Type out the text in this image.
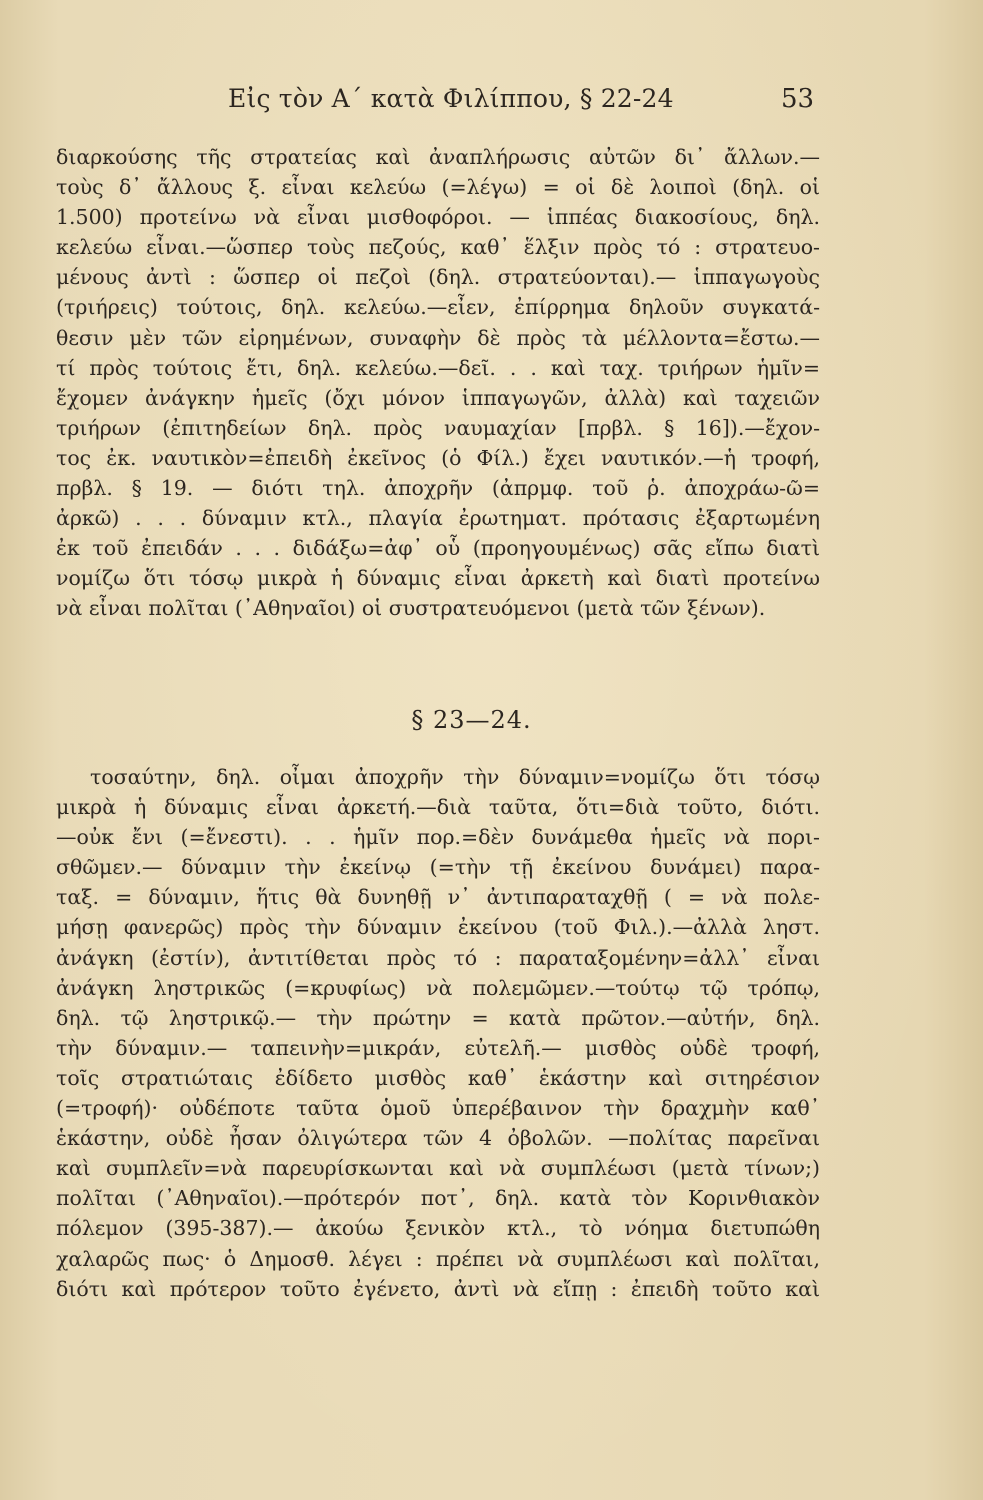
Εἰς τὸν Α΄ κατὰ Φιλίππου, § 22-24	53
διαρκούσης τῆς στρατείας καὶ ἀναπλήρωσις αὐτῶν δι᾽ ἄλλων.—
τοὺς δ᾽ ἄλλους ξ. εἶναι κελεύω (=λέγω) = οἱ δὲ λοιποὶ (δηλ. οἱ
1.500) προτείνω νὰ εἶναι μισθοφόροι. — ἱππέας διακοσίους, δηλ.
κελεύω εἶναι.—ὥσπερ τοὺς πεζούς, καθ᾽ ἕλξιν πρὸς τό : στρατευο-
μένους ἀντὶ : ὥσπερ οἱ πεζοὶ (δηλ. στρατεύονται).— ἱππαγωγοὺς
(τριήρεις) τούτοις, δηλ. κελεύω.—εἶεν, ἐπίρρημα δηλοῦν συγκατά-
θεσιν μὲν τῶν εἰρημένων, συναφὴν δὲ πρὸς τὰ μέλλοντα=ἔστω.—
τί πρὸς τούτοις ἔτι, δηλ. κελεύω.—δεῖ. . . καὶ ταχ. τριήρων ἡμῖν=
ἔχομεν ἀνάγκην ἡμεῖς (ὄχι μόνον ἱππαγωγῶν, ἀλλὰ) καὶ ταχειῶν
τριήρων (ἐπιτηδείων δηλ. πρὸς ναυμαχίαν [πρβλ. § 16]).—ἔχον-
τος ἐκ. ναυτικὸν=ἐπειδὴ ἐκεῖνος (ὁ Φίλ.) ἔχει ναυτικόν.—ἡ τροφή,
πρβλ. § 19. — διότι τηλ. ἀποχρῆν (ἀπρμφ. τοῦ ῥ. ἀποχράω-ῶ=
ἀρκῶ) . . . δύναμιν κτλ., πλαγία ἐρωτηματ. πρότασις ἐξαρτωμένη
ἐκ τοῦ ἐπειδάν . . . διδάξω=ἀφ᾽ οὗ (προηγουμένως) σᾶς εἴπω διατὶ
νομίζω ὅτι τόσῳ μικρὰ ἡ δύναμις εἶναι ἀρκετὴ καὶ διατὶ προτείνω
νὰ εἶναι πολῖται (᾽Αθηναῖοι) οἱ συστρατευόμενοι (μετὰ τῶν ξένων).
§ 23—24.
τοσαύτην, δηλ. οἶμαι ἀποχρῆν τὴν δύναμιν=νομίζω ὅτι τόσῳ
μικρὰ ἡ δύναμις εἶναι ἀρκετή.—διὰ ταῦτα, ὅτι=διὰ τοῦτο, διότι.
—οὐκ ἔνι (=ἔνεστι). . . ἡμῖν πορ.=δὲν δυνάμεθα ἡμεῖς νὰ πορι-
σθῶμεν.— δύναμιν τὴν ἐκείνῳ (=τὴν τῇ ἐκείνου δυνάμει) παρα-
ταξ. = δύναμιν, ἥτις θὰ δυνηθῇ ν᾽ ἀντιπαραταχθῇ ( = νὰ πολε-
μήσῃ φανερῶς) πρὸς τὴν δύναμιν ἐκείνου (τοῦ Φιλ.).—ἀλλὰ ληστ.
ἀνάγκη (ἐστίν), ἀντιτίθεται πρὸς τό : παραταξομένην=ἀλλ᾽ εἶναι
ἀνάγκη ληστρικῶς (=κρυφίως) νὰ πολεμῶμεν.—τούτῳ τῷ τρόπῳ,
δηλ. τῷ ληστρικῷ.— τὴν πρώτην = κατὰ πρῶτον.—αὐτήν, δηλ.
τὴν δύναμιν.— ταπεινὴν=μικράν, εὐτελῆ.— μισθὸς οὐδὲ τροφή,
τοῖς στρατιώταις ἐδίδετο μισθὸς καθ᾽ ἑκάστην καὶ σιτηρέσιον
(=τροφή)· οὐδέποτε ταῦτα ὁμοῦ ὑπερέβαινον τὴν δραχμὴν καθ᾽
ἑκάστην, οὐδὲ ἦσαν ὀλιγώτερα τῶν 4 ὀβολῶν. —πολίτας παρεῖναι
καὶ συμπλεῖν=νὰ παρευρίσκωνται καὶ νὰ συμπλέωσι (μετὰ τίνων;)
πολῖται (᾽Αθηναῖοι).—πρότερόν ποτ᾽, δηλ. κατὰ τὸν Κορινθιακὸν
πόλεμον (395-387).— ἀκούω ξενικὸν κτλ., τὸ νόημα διετυπώθη
χαλαρῶς πως· ὁ Δημοσθ. λέγει : πρέπει νὰ συμπλέωσι καὶ πολῖται,
διότι καὶ πρότερον τοῦτο ἐγένετο, ἀντὶ νὰ εἴπῃ : ἐπειδὴ τοῦτο καὶ
